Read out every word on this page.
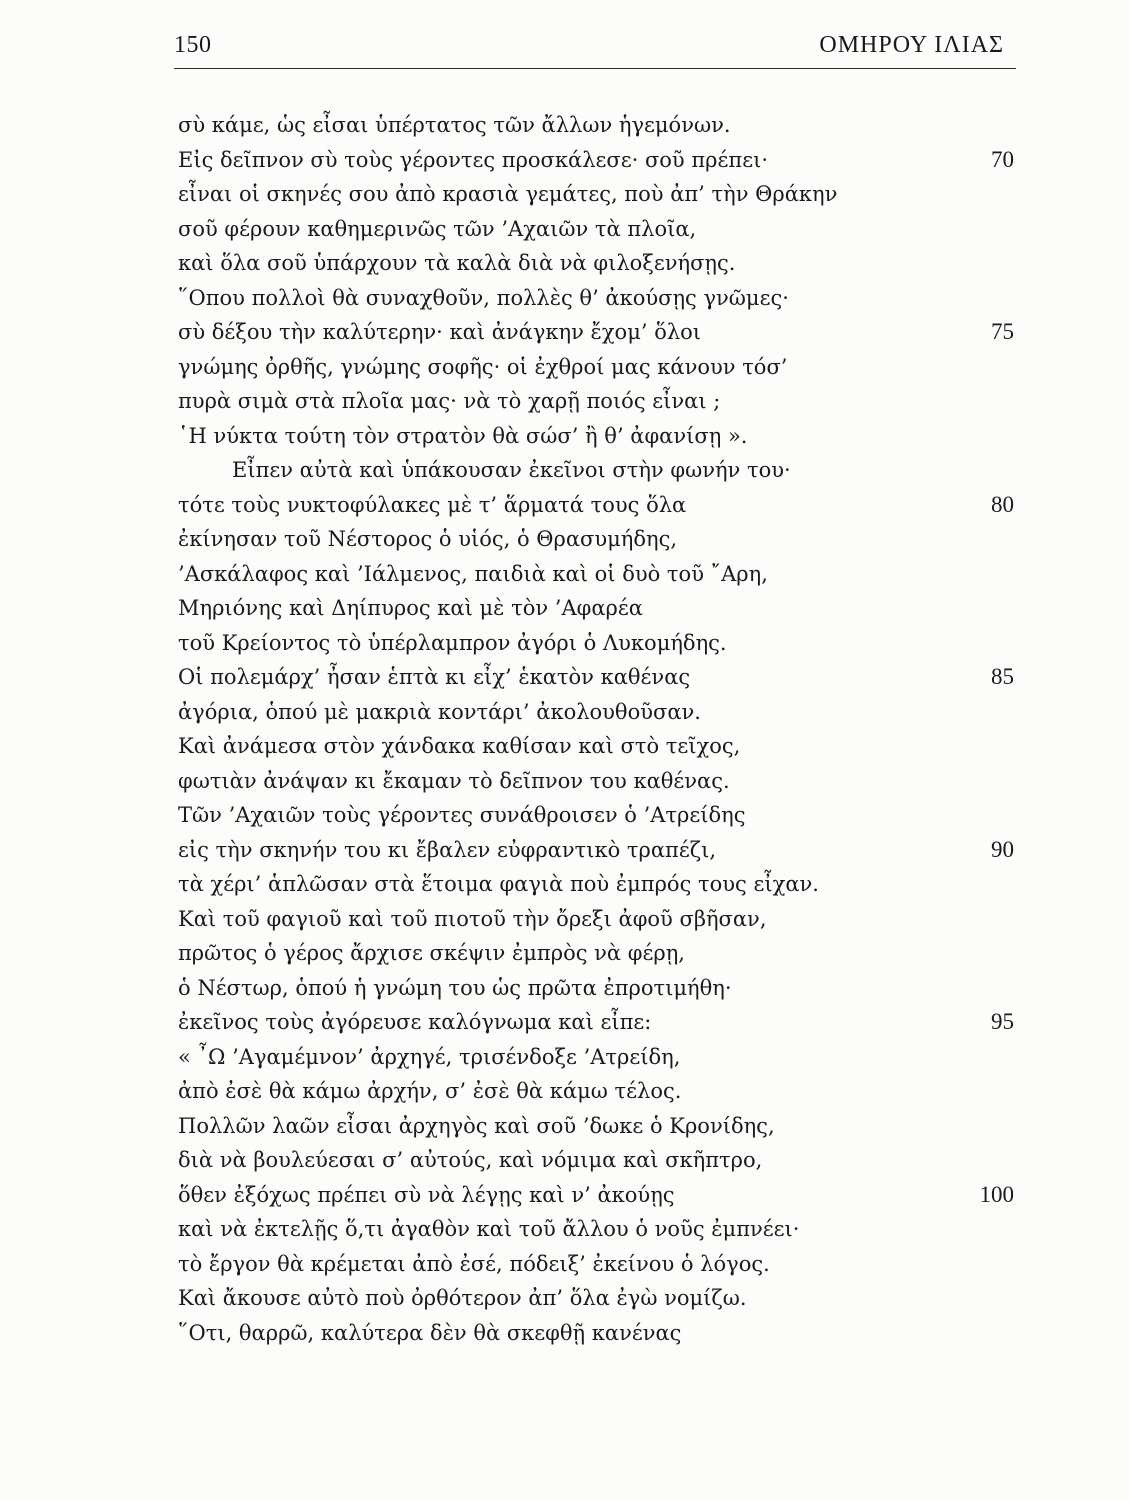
150	ΟΜΗΡΟΥ ΙΛΙΑΣ
σὺ κάμε, ὡς εἶσαι ὑπέρτατος τῶν ἄλλων ἡγεμόνων.
Εἰς δεῖπνον σὺ τοὺς γέροντες προσκάλεσε· σοῦ πρέπει·	70
εἶναι οἱ σκηνές σου ἀπὸ κρασιὰ γεμάτες, ποὺ ἀπ’ τὴν Θράκην
σοῦ φέρουν καθημερινῶς τῶν ’Αχαιῶν τὰ πλοῖα,
καὶ ὅλα σοῦ ὑπάρχουν τὰ καλὰ διὰ νὰ φιλοξενήσῃς.
῞Οπου πολλοὶ θὰ συναχθοῦν, πολλὲς θ’ ἀκούσῃς γνῶμες·
σὺ δέξου τὴν καλύτερην· καὶ ἀνάγκην ἔχομ’ ὅλοι	75
γνώμης ὀρθῆς, γνώμης σοφῆς· οἱ ἐχθροί μας κάνουν τόσ’
πυρὰ σιμὰ στὰ πλοῖα μας· νὰ τὸ χαρῇ ποιός εἶναι ;
῾Η νύκτα τούτη τὸν στρατὸν θὰ σώσ’ ἢ θ’ ἀφανίσῃ ».
Εἶπεν αὐτὰ καὶ ὑπάκουσαν ἐκεῖνοι στὴν φωνήν του·
τότε τοὺς νυκτοφύλακες μὲ τ’ ἅρματά τους ὅλα	80
ἐκίνησαν τοῦ Νέστορος ὁ υἱός, ὁ Θρασυμήδης,
’Ασκάλαφος καὶ ’Ιάλμενος, παιδιὰ καὶ οἱ δυὸ τοῦ ῎Αρη,
Μηριόνης καὶ Δηίπυρος καὶ μὲ τὸν ’Αφαρέα
τοῦ Κρείοντος τὸ ὑπέρλαμπρον ἀγόρι ὁ Λυκομήδης.
Οἱ πολεμάρχ’ ἦσαν ἑπτὰ κι εἶχ’ ἑκατὸν καθένας	85
ἀγόρια, ὁπού μὲ μακριὰ κοντάρι’ ἀκολουθοῦσαν.
Καὶ ἀνάμεσα στὸν χάνδακα καθίσαν καὶ στὸ τεῖχος,
φωτιὰν ἀνάψαν κι ἔκαμαν τὸ δεῖπνον του καθένας.
Τῶν ’Αχαιῶν τοὺς γέροντες συνάθροισεν ὁ ’Ατρείδης
εἰς τὴν σκηνήν του κι ἔβαλεν εὐφραντικὸ τραπέζι,	90
τὰ χέρι’ ἁπλῶσαν στὰ ἕτοιμα φαγιὰ ποὺ ἐμπρός τους εἶχαν.
Καὶ τοῦ φαγιοῦ καὶ τοῦ πιοτοῦ τὴν ὄρεξι ἀφοῦ σβῆσαν,
πρῶτος ὁ γέρος ἄρχισε σκέψιν ἐμπρὸς νὰ φέρῃ,
ὁ Νέστωρ, ὁπού ἡ γνώμη του ὡς πρῶτα ἐπροτιμήθη·
ἐκεῖνος τοὺς ἀγόρευσε καλόγνωμα καὶ εἶπε:	95
« ῏Ω ’Αγαμέμνον’ ἀρχηγέ, τρισένδοξε ’Ατρείδη,
ἀπὸ ἐσὲ θὰ κάμω ἀρχήν, σ’ ἐσὲ θὰ κάμω τέλος.
Πολλῶν λαῶν εἶσαι ἀρχηγὸς καὶ σοῦ ’δωκε ὁ Κρονίδης,
διὰ νὰ βουλεύεσαι σ’ αὐτούς, καὶ νόμιμα καὶ σκῆπτρο,
ὅθεν ἐξόχως πρέπει σὺ νὰ λέγῃς καὶ ν’ ἀκούῃς	100
καὶ νὰ ἐκτελῇς ὅ,τι ἀγαθὸν καὶ τοῦ ἄλλου ὁ νοῦς ἐμπνέει·
τὸ ἔργον θὰ κρέμεται ἀπὸ ἐσέ, πόδειξ’ ἐκείνου ὁ λόγος.
Καὶ ἄκουσε αὐτὸ ποὺ ὀρθότερον ἀπ’ ὅλα ἐγὼ νομίζω.
῞Οτι, θαρρῶ, καλύτερα δὲν θὰ σκεφθῇ κανένας
